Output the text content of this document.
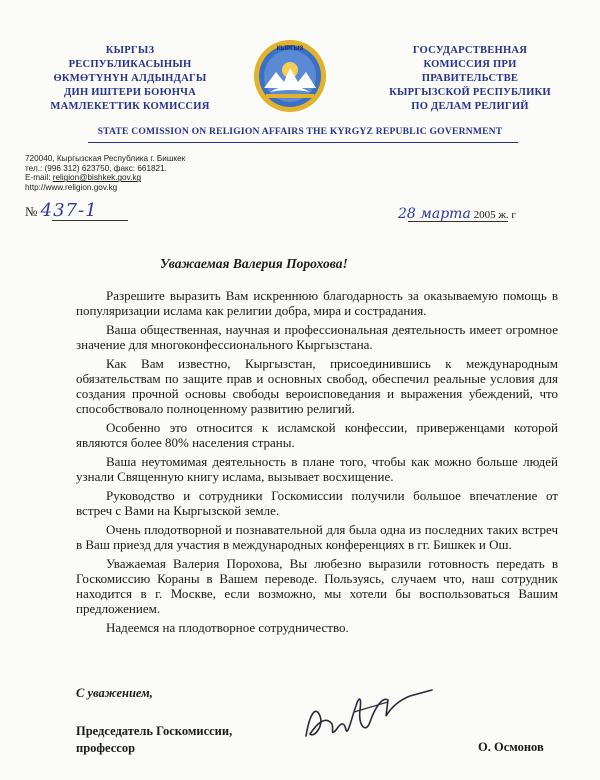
КЫРГЫЗ
РЕСПУБЛИКАСЫНЫН
ӨКМӨТҮНҮН АЛДЫНДАГЫ
ДИН ИШТЕРИ БОЮНЧА
МАМЛЕКЕТТИК КОМИССИЯ
КЫРГЫЗ	ГОСУДАРСТВЕННАЯ
КОМИССИЯ ПРИ
ПРАВИТЕЛЬСТВЕ
КЫРГЫЗСКОЙ РЕСПУБЛИКИ
ПО ДЕЛАМ РЕЛИГИЙ
STATE COMISSION ON RELIGION AFFAIRS THE KYRGYZ REPUBLIC GOVERNMENT
720040, Кыргызская Республика г. Бишкек
тел.: (996 312) 623750, факс: 661821.
E-mail: religion@bishkek.gov.kg
http://www.religion.gov.kg
№ 437-1	28 марта 2005 ж. г
Уважаемая Валерия Порохова!

Разрешите выразить Вам искреннюю благодарность за оказываемую помощь в популяризации ислама как религии добра, мира и сострадания.

Ваша общественная, научная и профессиональная деятельность имеет огромное значение для многоконфессионального Кыргызстана.

Как Вам известно, Кыргызстан, присоединившись к международным обязательствам по защите прав и основных свобод, обеспечил реальные условия для создания прочной основы свободы вероисповедания и выражения убеждений, что способствовало полноценному развитию религий.

Особенно это относится к исламской конфессии, приверженцами которой являются более 80% населения страны.

Ваша неутомимая деятельность в плане того, чтобы как можно больше людей узнали Священную книгу ислама, вызывает восхищение.

Руководство и сотрудники Госкомиссии получили большое впечатление от встреч с Вами на Кыргызской земле.

Очень плодотворной и познавательной для была одна из последних таких встреч в Ваш приезд для участия в международных конференциях в гг. Бишкек и Ош.

Уважаемая Валерия Порохова, Вы любезно выразили готовность передать в Госкомиссию Кораны в Вашем переводе. Пользуясь, случаем что, наш сотрудник находится в г. Москве, если возможно, мы хотели бы воспользоваться Вашим предложением.

Надеемся на плодотворное сотрудничество.

С уважением,
Председатель Госкомиссии,
профессор	О. Осмонов
